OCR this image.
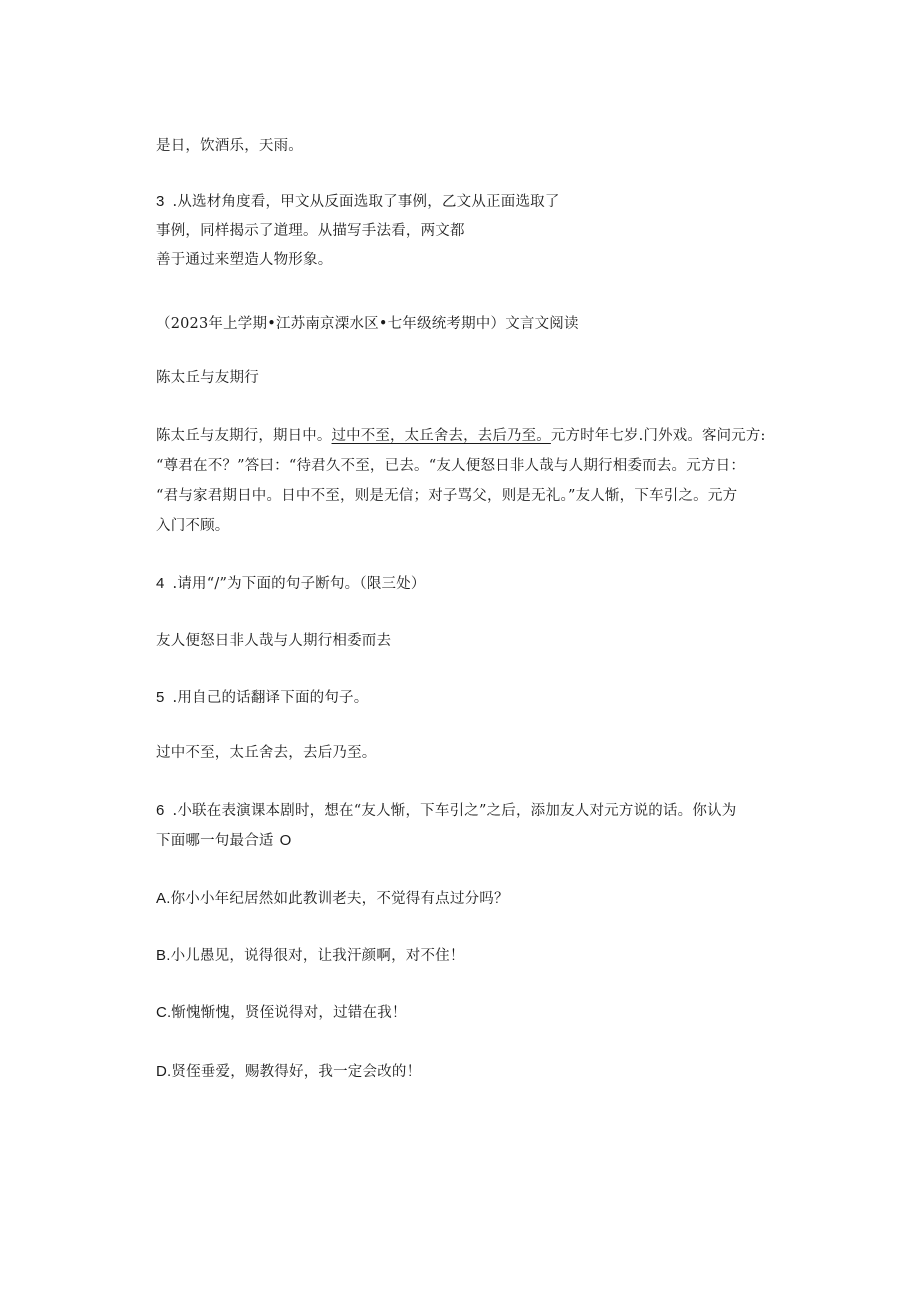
是日，饮酒乐，天雨。
3 .从选材角度看，甲文从反面选取了事例，乙文从正面选取了
事例，同样揭示了道理。从描写手法看，两文都
善于通过来塑造人物形象。
（2023年上学期•江苏南京溧水区•七年级统考期中）文言文阅读
陈太丘与友期行
陈太丘与友期行，期日中。过中不至，太丘舍去，去后乃至。元方时年七岁.门外戏。客问元方:
“尊君在不？”答曰：“待君久不至，已去。“友人便怒日非人哉与人期行相委而去。元方日：
“君与家君期日中。日中不至，则是无信；对子骂父，则是无礼。”友人惭，下车引之。元方
入门不顾。
4 .请用“/”为下面的句子断句。（限三处）
友人便怒日非人哉与人期行相委而去
5 .用自己的话翻译下面的句子。
过中不至，太丘舍去，去后乃至。
6 .小联在表演课本剧时，想在“友人惭，下车引之”之后，添加友人对元方说的话。你认为
下面哪一句最合适 O
A.你小小年纪居然如此教训老夫，不觉得有点过分吗？
B.小儿愚见，说得很对，让我汗颜啊，对不住！
C.惭愧惭愧，贤侄说得对，过错在我！
D.贤侄垂爱，赐教得好，我一定会改的！
